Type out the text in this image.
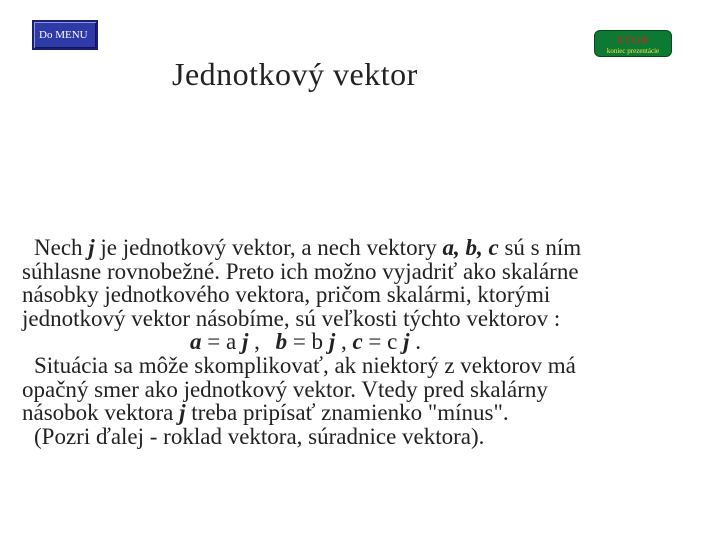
Do MENU	STOP
koniec prezentácie
Jednotkový vektor
Nech j je jednotkový vektor, a nech vektory a, b, c sú s ním
súhlasne rovnobežné. Preto ich možno vyjadriť ako skalárne
násobky jednotkového vektora, pričom skalármi, ktorými
jednotkový vektor násobíme, sú veľkosti týchto vektorov :
a = a j , b = b j , c = c j .
Situácia sa môže skomplikovať, ak niektorý z vektorov má
opačný smer ako jednotkový vektor. Vtedy pred skalárny
násobok vektora j treba pripísať znamienko "mínus".
(Pozri ďalej - roklad vektora, súradnice vektora).
